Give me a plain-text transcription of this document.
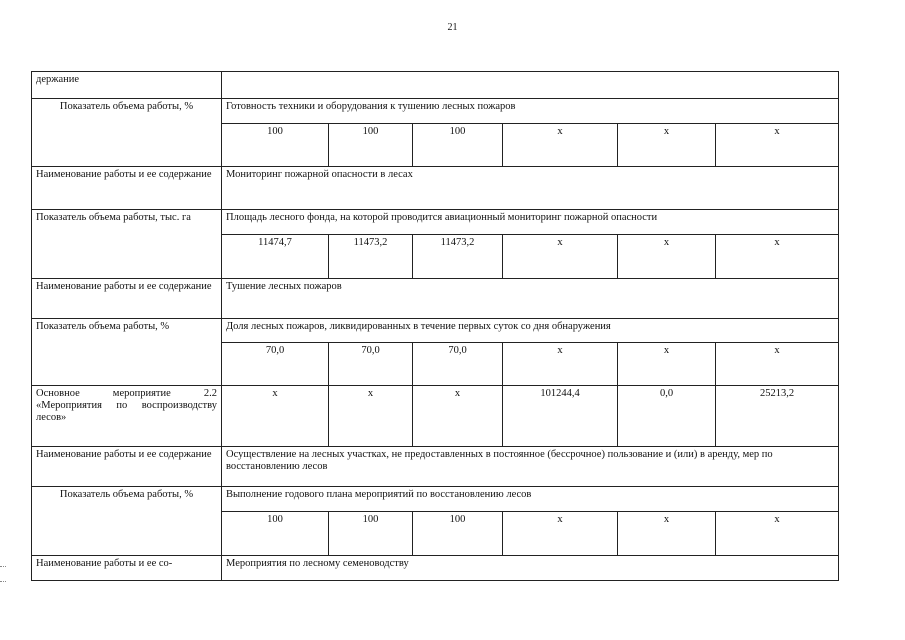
21
держание						
Показатель объема работы, %	Готовность техники и оборудования к тушению лесных пожаров					
	100	100	100	х	х	х
Наименование работы и ее содержание	Мониторинг пожарной опасности в лесах					
Показатель объема работы, тыс. га	Площадь лесного фонда, на которой проводится авиационный мониторинг пожарной опасности					
	11474,7	11473,2	11473,2	х	х	х
Наименование работы и ее содержание	Тушение лесных пожаров					
Показатель объема работы, %	Доля лесных пожаров, ликвидированных в течение первых суток со дня обнаружения					
	70,0	70,0	70,0	х	х	х
Основное мероприятие 2.2 «Мероприятия по воспроизводству лесов»	х	х	х	101244,4	0,0	25213,2
Наименование работы и ее содержание	Осуществление на лесных участках, не предоставленных в постоянное (бессрочное) пользование и (или) в аренду, мер по восстановлению лесов					
Показатель объема работы, %	Выполнение годового плана мероприятий по восстановлению лесов					
	100	100	100	х	х	х
Наименование работы и ее со-	Мероприятия по лесному семеноводству					
